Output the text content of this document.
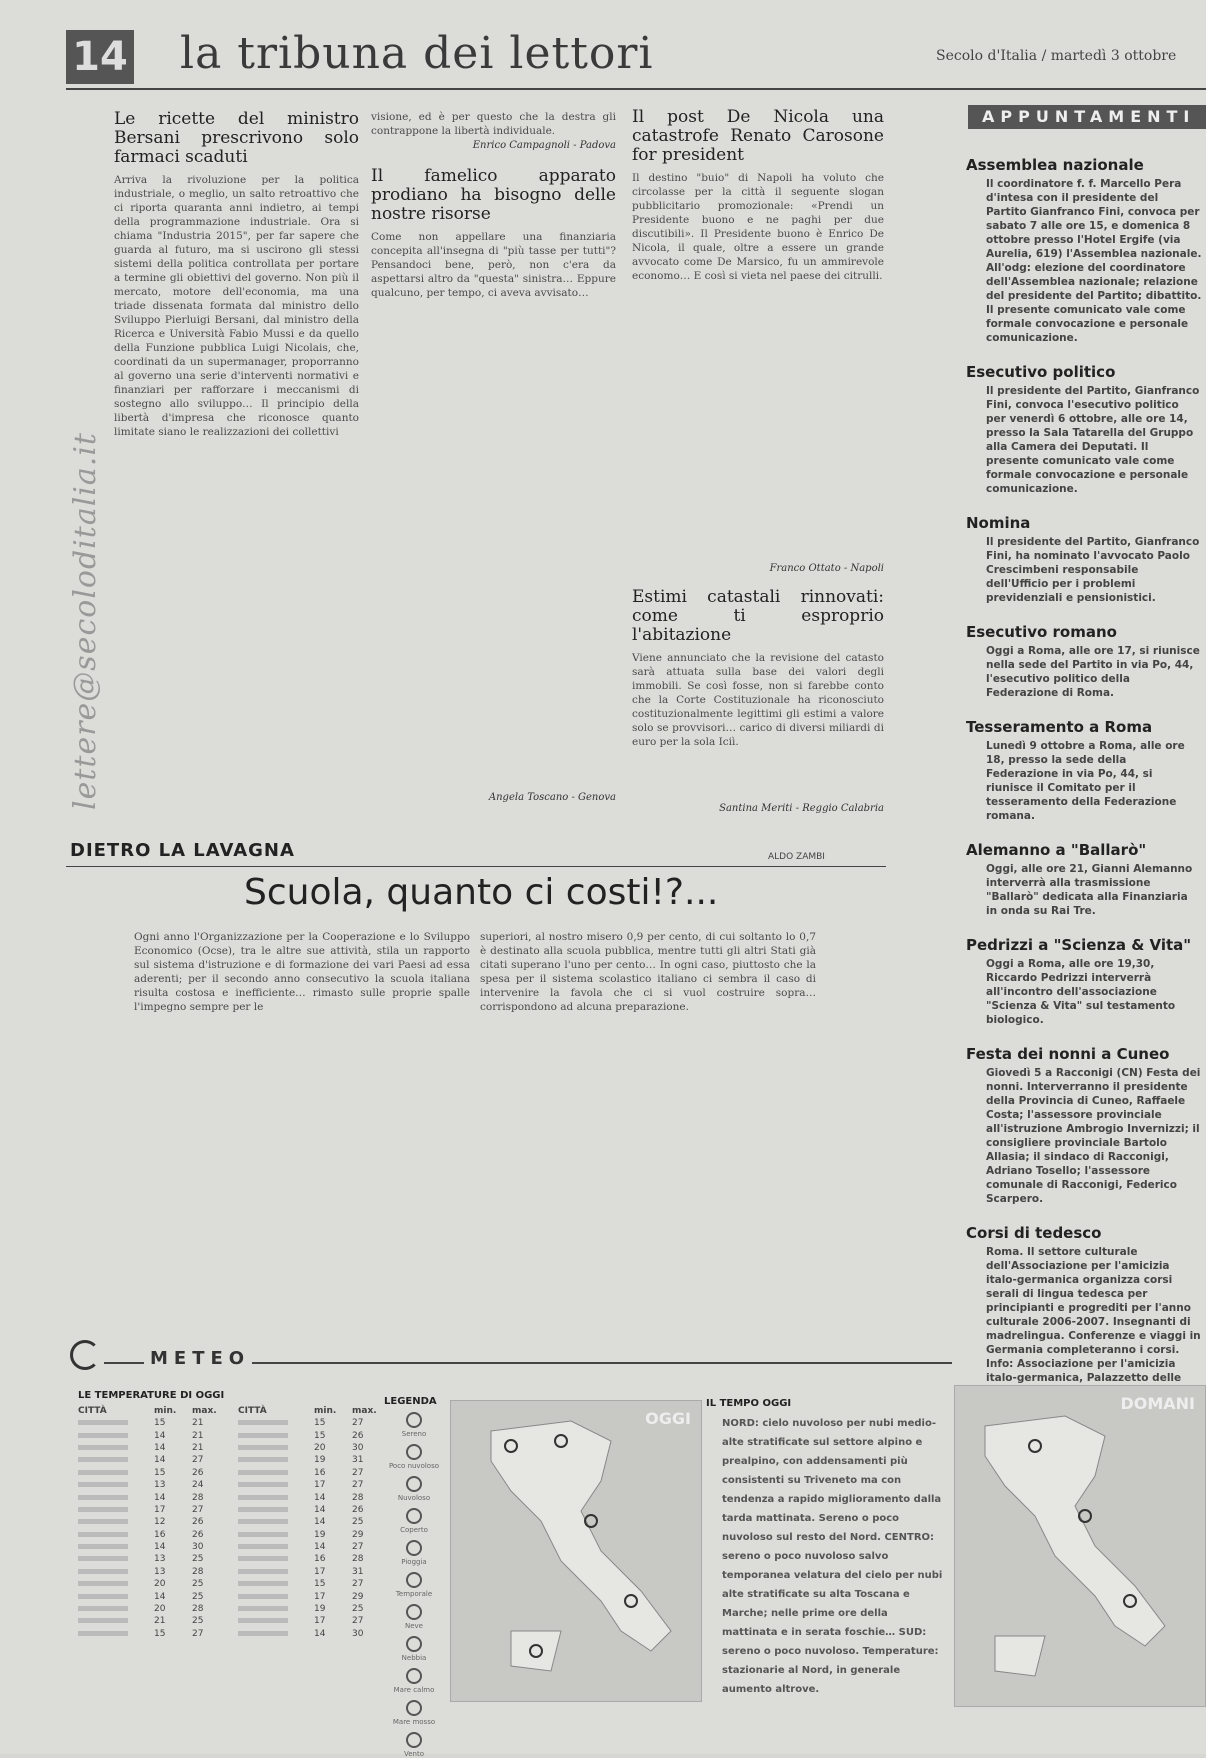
14 la tribuna dei lettori	Secolo d'Italia / martedì 3 ottobre
lettere@secoloditalia.it
Le ricette del ministro Bersani prescrivono solo farmaci scaduti
Arriva la rivoluzione per la politica industriale, o meglio, un salto retroattivo che ci riporta quaranta anni indietro, ai tempi della programmazione industriale. Ora si chiama "Industria 2015", per far sapere che guarda al futuro, ma si uscirono gli stessi sistemi della politica controllata per portare a termine gli obiettivi del governo. Non più il mercato, motore dell'economia, ma una triade dissenata formata dal ministro dello Sviluppo Pierluigi Bersani, dal ministro della Ricerca e Università Fabio Mussi e da quello della Funzione pubblica Luigi Nicolais, che, coordinati da un supermanager, proporranno al governo una serie d'interventi normativi e finanziari per rafforzare i meccanismi di sostegno allo sviluppo… Il principio della libertà d'impresa che riconosce quanto limitate siano le realizzazioni dei collettivi
visione, ed è per questo che la destra gli contrappone la libertà individuale.
Enrico Campagnoli - Padova
Il famelico apparato prodiano ha bisogno delle nostre risorse
Come non appellare una finanziaria concepita all'insegna di "più tasse per tutti"? Pensandoci bene, però, non c'era da aspettarsi altro da "questa" sinistra… Eppure qualcuno, per tempo, ci aveva avvisato…
Angela Toscano - Genova
Il post De Nicola una catastrofe Renato Carosone for president
Il destino "buio" di Napoli ha voluto che circolasse per la città il seguente slogan pubblicitario promozionale: «Prendi un Presidente buono e ne paghi per due discutibili». Il Presidente buono è Enrico De Nicola, il quale, oltre a essere un grande avvocato come De Marsico, fu un ammirevole economo… E così si vieta nel paese dei citrulli.
Franco Ottato - Napoli
Estimi catastali rinnovati: come ti esproprio l'abitazione
Viene annunciato che la revisione del catasto sarà attuata sulla base dei valori degli immobili. Se così fosse, non si farebbe conto che la Corte Costituzionale ha riconosciuto costituzionalmente legittimi gli estimi a valore solo se provvisori… carico di diversi miliardi di euro per la sola Iciì.
Santina Meriti - Reggio Calabria
DIETRO LA LAVAGNA	ALDO ZAMBI
Scuola, quanto ci costi!?...
Ogni anno l'Organizzazione per la Cooperazione e lo Sviluppo Economico (Ocse), tra le altre sue attività, stila un rapporto sul sistema d'istruzione e di formazione dei vari Paesi ad essa aderenti; per il secondo anno consecutivo la scuola italiana risulta costosa e inefficiente… rimasto sulle proprie spalle l'impegno sempre per le
superiori, al nostro misero 0,9 per cento, di cui soltanto lo 0,7 è destinato alla scuola pubblica, mentre tutti gli altri Stati già citati superano l'uno per cento… In ogni caso, piuttosto che la spesa per il sistema scolastico italiano ci sembra il caso di intervenire la favola che ci si vuol costruire sopra… corrispondono ad alcuna preparazione.
APPUNTAMENTI
Assemblea nazionale
Il coordinatore f. f. Marcello Pera d'intesa con il presidente del Partito Gianfranco Fini, convoca per sabato 7 alle ore 15, e domenica 8 ottobre presso l'Hotel Ergife (via Aurelia, 619) l'Assemblea nazionale. All'odg: elezione del coordinatore dell'Assemblea nazionale; relazione del presidente del Partito; dibattito. Il presente comunicato vale come formale convocazione e personale comunicazione.
Esecutivo politico
Il presidente del Partito, Gianfranco Fini, convoca l'esecutivo politico per venerdì 6 ottobre, alle ore 14, presso la Sala Tatarella del Gruppo alla Camera dei Deputati. Il presente comunicato vale come formale convocazione e personale comunicazione.
Nomina
Il presidente del Partito, Gianfranco Fini, ha nominato l'avvocato Paolo Crescimbeni responsabile dell'Ufficio per i problemi previdenziali e pensionistici.
Esecutivo romano
Oggi a Roma, alle ore 17, si riunisce nella sede del Partito in via Po, 44, l'esecutivo politico della Federazione di Roma.
Tesseramento a Roma
Lunedì 9 ottobre a Roma, alle ore 18, presso la sede della Federazione in via Po, 44, si riunisce il Comitato per il tesseramento della Federazione romana.
Alemanno a "Ballarò"
Oggi, alle ore 21, Gianni Alemanno interverrà alla trasmissione "Ballarò" dedicata alla Finanziaria in onda su Rai Tre.
Pedrizzi a "Scienza & Vita"
Oggi a Roma, alle ore 19,30, Riccardo Pedrizzi interverrà all'incontro dell'associazione "Scienza & Vita" sul testamento biologico.
Festa dei nonni a Cuneo
Giovedì 5 a Racconigi (CN) Festa dei nonni. Interverranno il presidente della Provincia di Cuneo, Raffaele Costa; l'assessore provinciale all'istruzione Ambrogio Invernizzi; il consigliere provinciale Bartolo Allasia; il sindaco di Racconigi, Adriano Tosello; l'assessore comunale di Racconigi, Federico Scarpero.
Corsi di tedesco
Roma. Il settore culturale dell'Associazione per l'amicizia italo-germanica organizza corsi serali di lingua tedesca per principianti e progrediti per l'anno culturale 2006-2007. Insegnanti di madrelingua. Conferenze e viaggi in Germania completeranno i corsi. Info: Associazione per l'amicizia italo-germanica, Palazzetto delle
METEO
LE TEMPERATURE DI OGGI
CITTÀ	min.	max.
	15	21
	14	21
	14	21
	14	27
	15	26
	13	24
	14	28
	17	27
	12	26
	16	26
	14	30
	13	25
	13	28
	20	25
	14	25
	20	28
	21	25
	15	27
CITTÀ	min.	max.
	15	27
	15	26
	20	30
	19	31
	16	27
	17	27
	14	28
	14	26
	14	25
	19	29
	14	27
	16	28
	17	31
	15	27
	17	29
	19	25
	17	27
	14	30
LEGENDA
Sereno
Poco nuvoloso
Nuvoloso
Coperto
Pioggia
Temporale
Neve
Nebbia
Mare calmo
Mare mosso
Vento
OGGI
IL TEMPO OGGI
NORD: cielo nuvoloso per nubi medio-alte stratificate sul settore alpino e prealpino, con addensamenti più consistenti su Triveneto ma con tendenza a rapido miglioramento dalla tarda mattinata. Sereno o poco nuvoloso sul resto del Nord. CENTRO: sereno o poco nuvoloso salvo temporanea velatura del cielo per nubi alte stratificate su alta Toscana e Marche; nelle prime ore della mattinata e in serata foschie… SUD: sereno o poco nuvoloso. Temperature: stazionarie al Nord, in generale aumento altrove.
DOMANI
